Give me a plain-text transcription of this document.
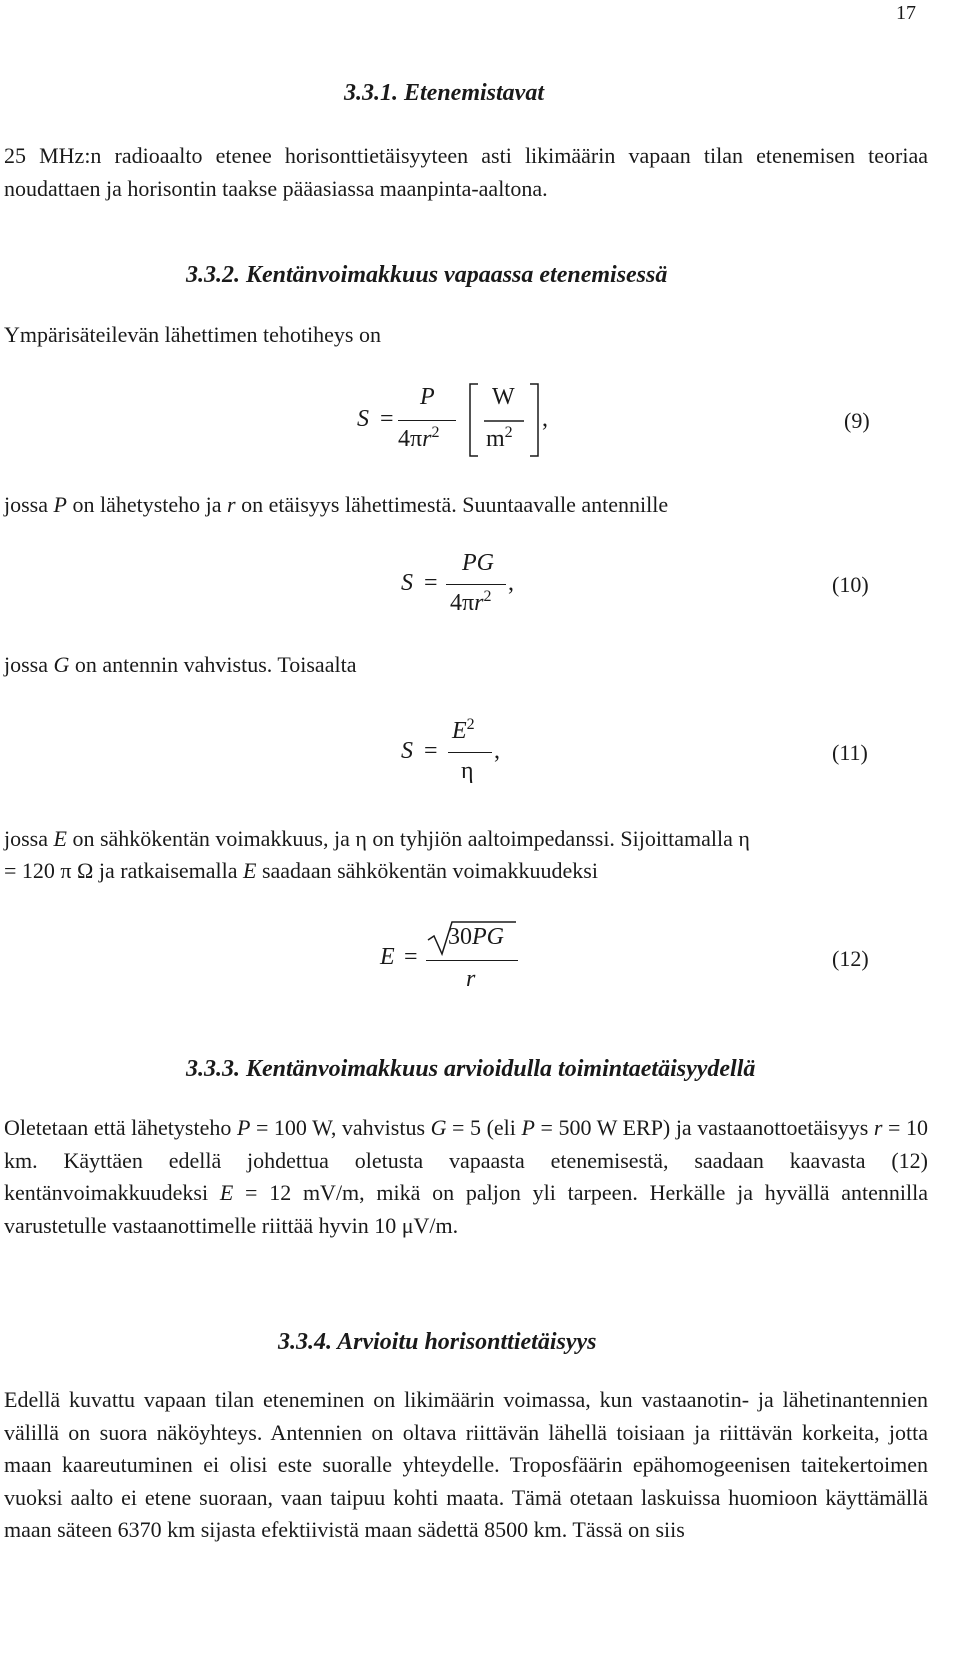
17
3.3.1. Etenemistavat
25 MHz:n radioaalto etenee horisonttietäisyyteen asti likimäärin vapaan tilan etenemisen teoriaa noudattaen ja horisontin taakse pääasiassa maanpinta-aaltona.
3.3.2. Kentänvoimakkuus vapaassa etenemisessä
Ympärisäteilevän lähettimen tehotiheys on
S =
P
$4\pi r^2$
W
$m^2$
,	(9)
jossa P on lähetysteho ja r on etäisyys lähettimestä. Suuntaavalle antennille
S =
PG
$4\pi r^2$
,	(10)
jossa G on antennin vahvistus. Toisaalta
S =
$E^2$
η
,	(11)
jossa E on sähkökentän voimakkuus, ja η on tyhjiön aaltoimpedanssi. Sijoittamalla η
= 120 π Ω ja ratkaisemalla E saadaan sähkökentän voimakkuudeksi
E =
30PG
r
(12)
3.3.3. Kentänvoimakkuus arvioidulla toimintaetäisyydellä
Oletetaan että lähetysteho P = 100 W, vahvistus G = 5 (eli P = 500 W ERP) ja vastaanottoetäisyys r = 10 km. Käyttäen edellä johdettua oletusta vapaasta etenemisestä, saadaan kaavasta (12) kentänvoimakkuudeksi E = 12 mV/m, mikä on paljon yli tarpeen. Herkälle ja hyvällä antennilla varustetulle vastaanottimelle riittää hyvin 10 μV/m.
3.3.4. Arvioitu horisonttietäisyys
Edellä kuvattu vapaan tilan eteneminen on likimäärin voimassa, kun vastaanotin- ja lähetinantennien välillä on suora näköyhteys. Antennien on oltava riittävän lähellä toisiaan ja riittävän korkeita, jotta maan kaareutuminen ei olisi este suoralle yhteydelle. Troposfäärin epähomogeenisen taitekertoimen vuoksi aalto ei etene suoraan, vaan taipuu kohti maata. Tämä otetaan laskuissa huomioon käyttämällä maan säteen 6370 km sijasta efektiivistä maan sädettä 8500 km. Tässä on siis
